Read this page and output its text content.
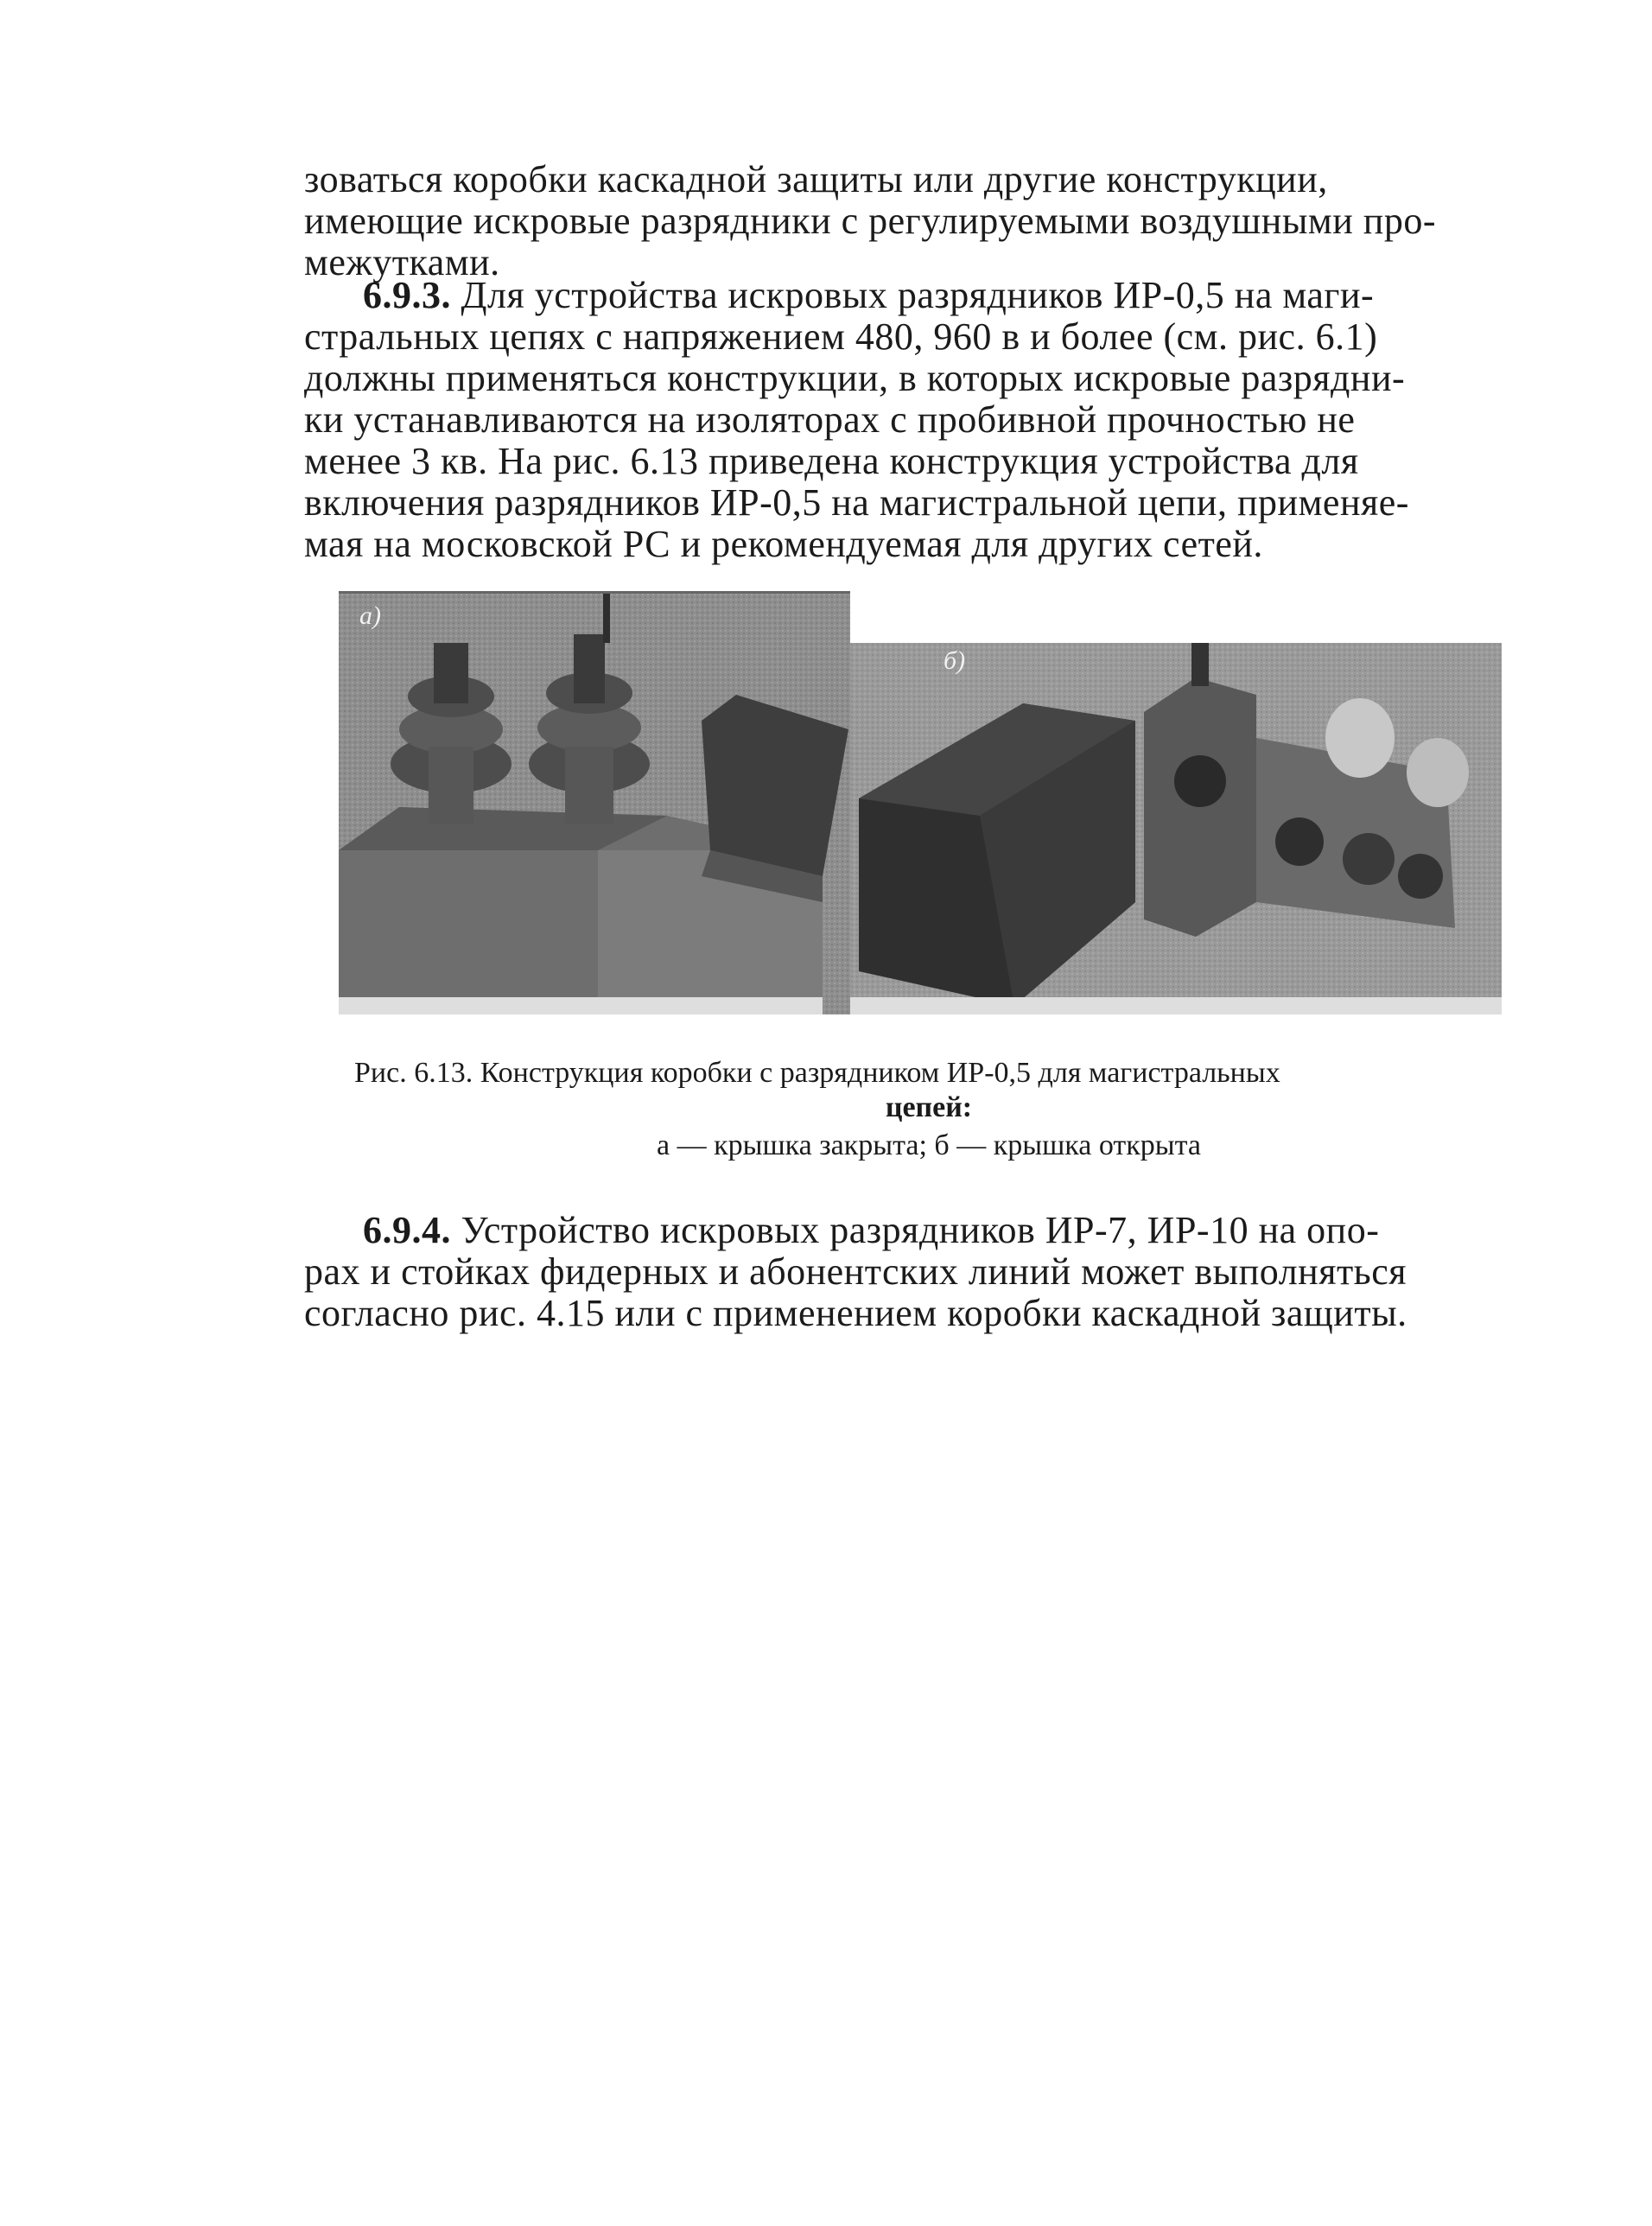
зоваться коробки каскадной защиты или другие конструкции,
имеющие искровые разрядники с регулируемыми воздушными про-
межутками.
6.9.3. Для устройства искровых разрядников ИР-0,5 на маги-
стральных цепях с напряжением 480, 960 в и более (см. рис. 6.1)
должны применяться конструкции, в которых искровые разрядни-
ки устанавливаются на изоляторах с пробивной прочностью не
менее 3 кв. На рис. 6.13 приведена конструкция устройства для
включения разрядников ИР-0,5 на магистральной цепи, применяе-
мая на московской РС и рекомендуемая для других сетей.
а)
б)
Рис. 6.13. Конструкция коробки с разрядником ИР-0,5 для магистральных
цепей:
а — крышка закрыта; б — крышка открыта
6.9.4. Устройство искровых разрядников ИР-7, ИР-10 на опо-
рах и стойках фидерных и абонентских линий может выполняться
согласно рис. 4.15 или с применением коробки каскадной защиты.
